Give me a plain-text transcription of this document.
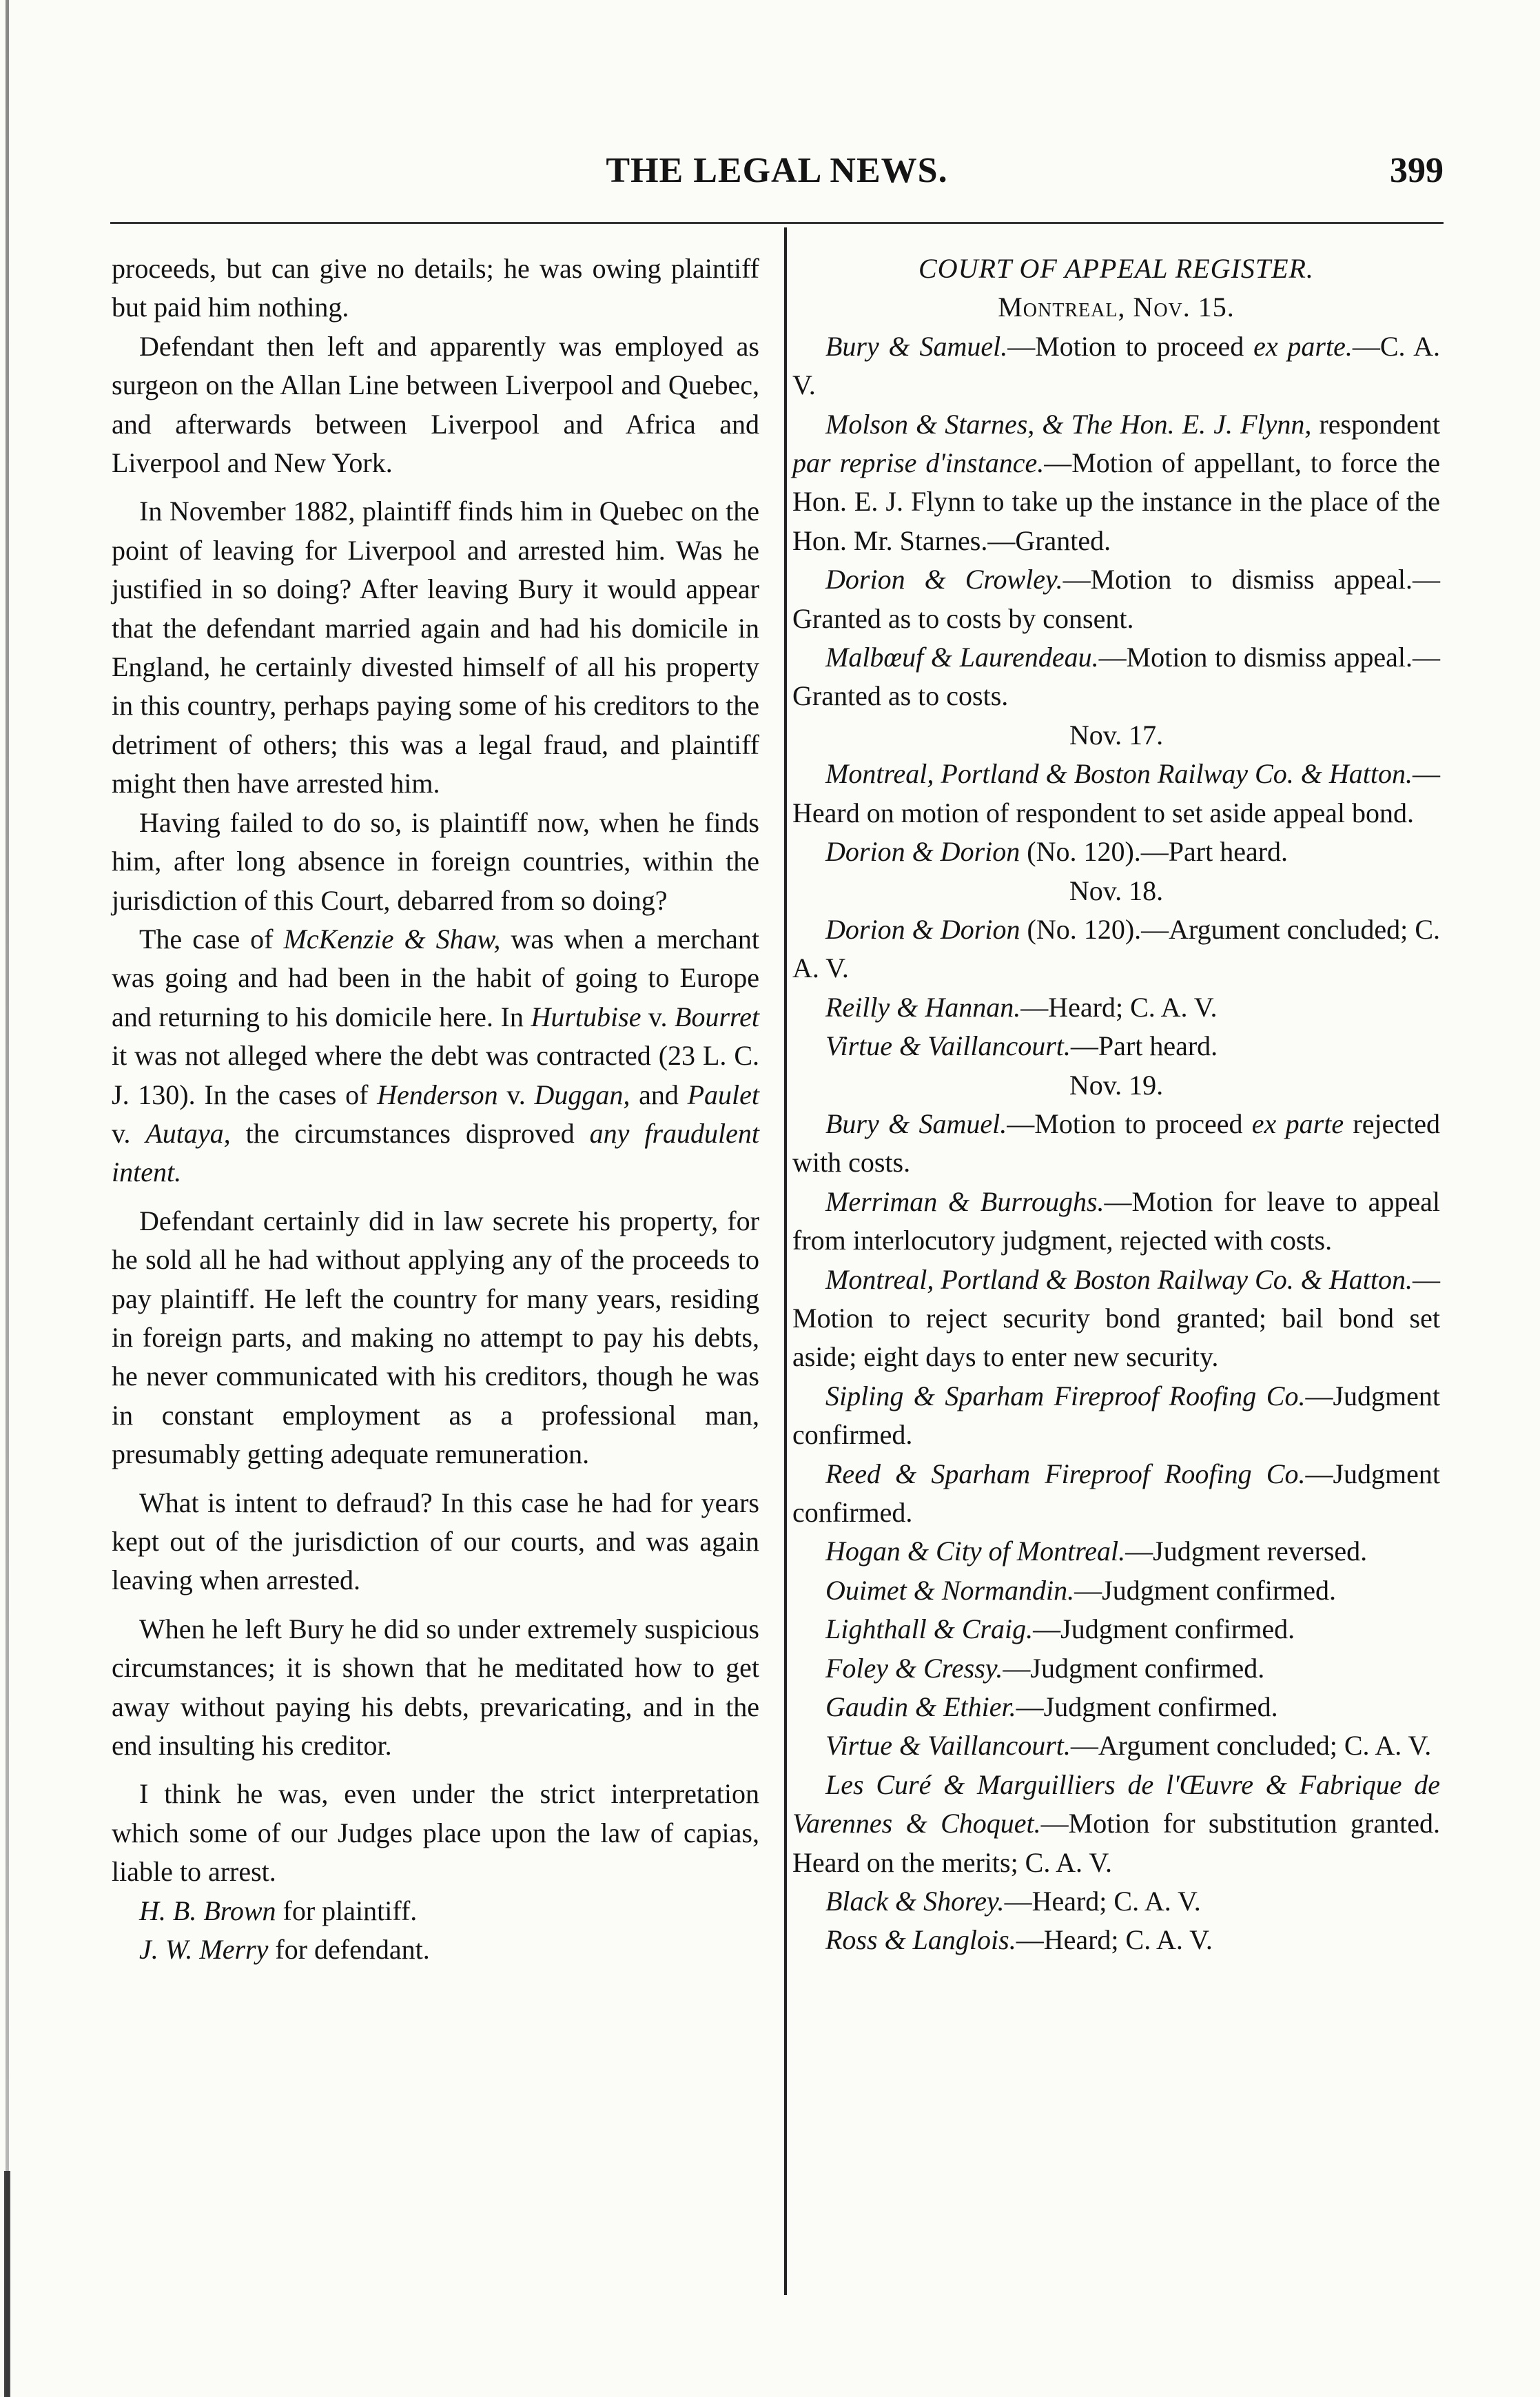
THE LEGAL NEWS.	399

proceeds, but can give no details; he was owing plaintiff but paid him nothing.

Defendant then left and apparently was employed as surgeon on the Allan Line between Liverpool and Quebec, and afterwards between Liverpool and Africa and Liverpool and New York.

In November 1882, plaintiff finds him in Quebec on the point of leaving for Liverpool and arrested him. Was he justified in so doing? After leaving Bury it would appear that the defendant married again and had his domicile in England, he certainly divested himself of all his property in this country, perhaps paying some of his creditors to the detriment of others; this was a legal fraud, and plaintiff might then have arrested him.

Having failed to do so, is plaintiff now, when he finds him, after long absence in foreign countries, within the jurisdiction of this Court, debarred from so doing?

The case of McKenzie & Shaw, was when a merchant was going and had been in the habit of going to Europe and returning to his domicile here. In Hurtubise v. Bourret it was not alleged where the debt was contracted (23 L. C. J. 130). In the cases of Henderson v. Duggan, and Paulet v. Autaya, the circumstances disproved any fraudulent intent.

Defendant certainly did in law secrete his property, for he sold all he had without applying any of the proceeds to pay plaintiff. He left the country for many years, residing in foreign parts, and making no attempt to pay his debts, he never communicated with his creditors, though he was in constant employment as a professional man, presumably getting adequate remuneration.

What is intent to defraud? In this case he had for years kept out of the jurisdiction of our courts, and was again leaving when arrested.

When he left Bury he did so under extremely suspicious circumstances; it is shown that he meditated how to get away without paying his debts, prevaricating, and in the end insulting his creditor.

I think he was, even under the strict interpretation which some of our Judges place upon the law of capias, liable to arrest.

H. B. Brown for plaintiff.

J. W. Merry for defendant.

COURT OF APPEAL REGISTER.

Montreal, Nov. 15.

Bury & Samuel.—Motion to proceed ex parte.—C. A. V.

Molson & Starnes, & The Hon. E. J. Flynn, respondent par reprise d'instance.—Motion of appellant, to force the Hon. E. J. Flynn to take up the instance in the place of the Hon. Mr. Starnes.—Granted.

Dorion & Crowley.—Motion to dismiss appeal.—Granted as to costs by consent.

Malbœuf & Laurendeau.—Motion to dismiss appeal.—Granted as to costs.

Nov. 17.

Montreal, Portland & Boston Railway Co. & Hatton.—Heard on motion of respondent to set aside appeal bond.

Dorion & Dorion (No. 120).—Part heard.

Nov. 18.

Dorion & Dorion (No. 120).—Argument concluded; C. A. V.

Reilly & Hannan.—Heard; C. A. V.

Virtue & Vaillancourt.—Part heard.

Nov. 19.

Bury & Samuel.—Motion to proceed ex parte rejected with costs.

Merriman & Burroughs.—Motion for leave to appeal from interlocutory judgment, rejected with costs.

Montreal, Portland & Boston Railway Co. & Hatton.—Motion to reject security bond granted; bail bond set aside; eight days to enter new security.

Sipling & Sparham Fireproof Roofing Co.—Judgment confirmed.

Reed & Sparham Fireproof Roofing Co.—Judgment confirmed.

Hogan & City of Montreal.—Judgment reversed.

Ouimet & Normandin.—Judgment confirmed.

Lighthall & Craig.—Judgment confirmed.

Foley & Cressy.—Judgment confirmed.

Gaudin & Ethier.—Judgment confirmed.

Virtue & Vaillancourt.—Argument concluded; C. A. V.

Les Curé & Marguilliers de l'Œuvre & Fabrique de Varennes & Choquet.—Motion for substitution granted. Heard on the merits; C. A. V.

Black & Shorey.—Heard; C. A. V.

Ross & Langlois.—Heard; C. A. V.
